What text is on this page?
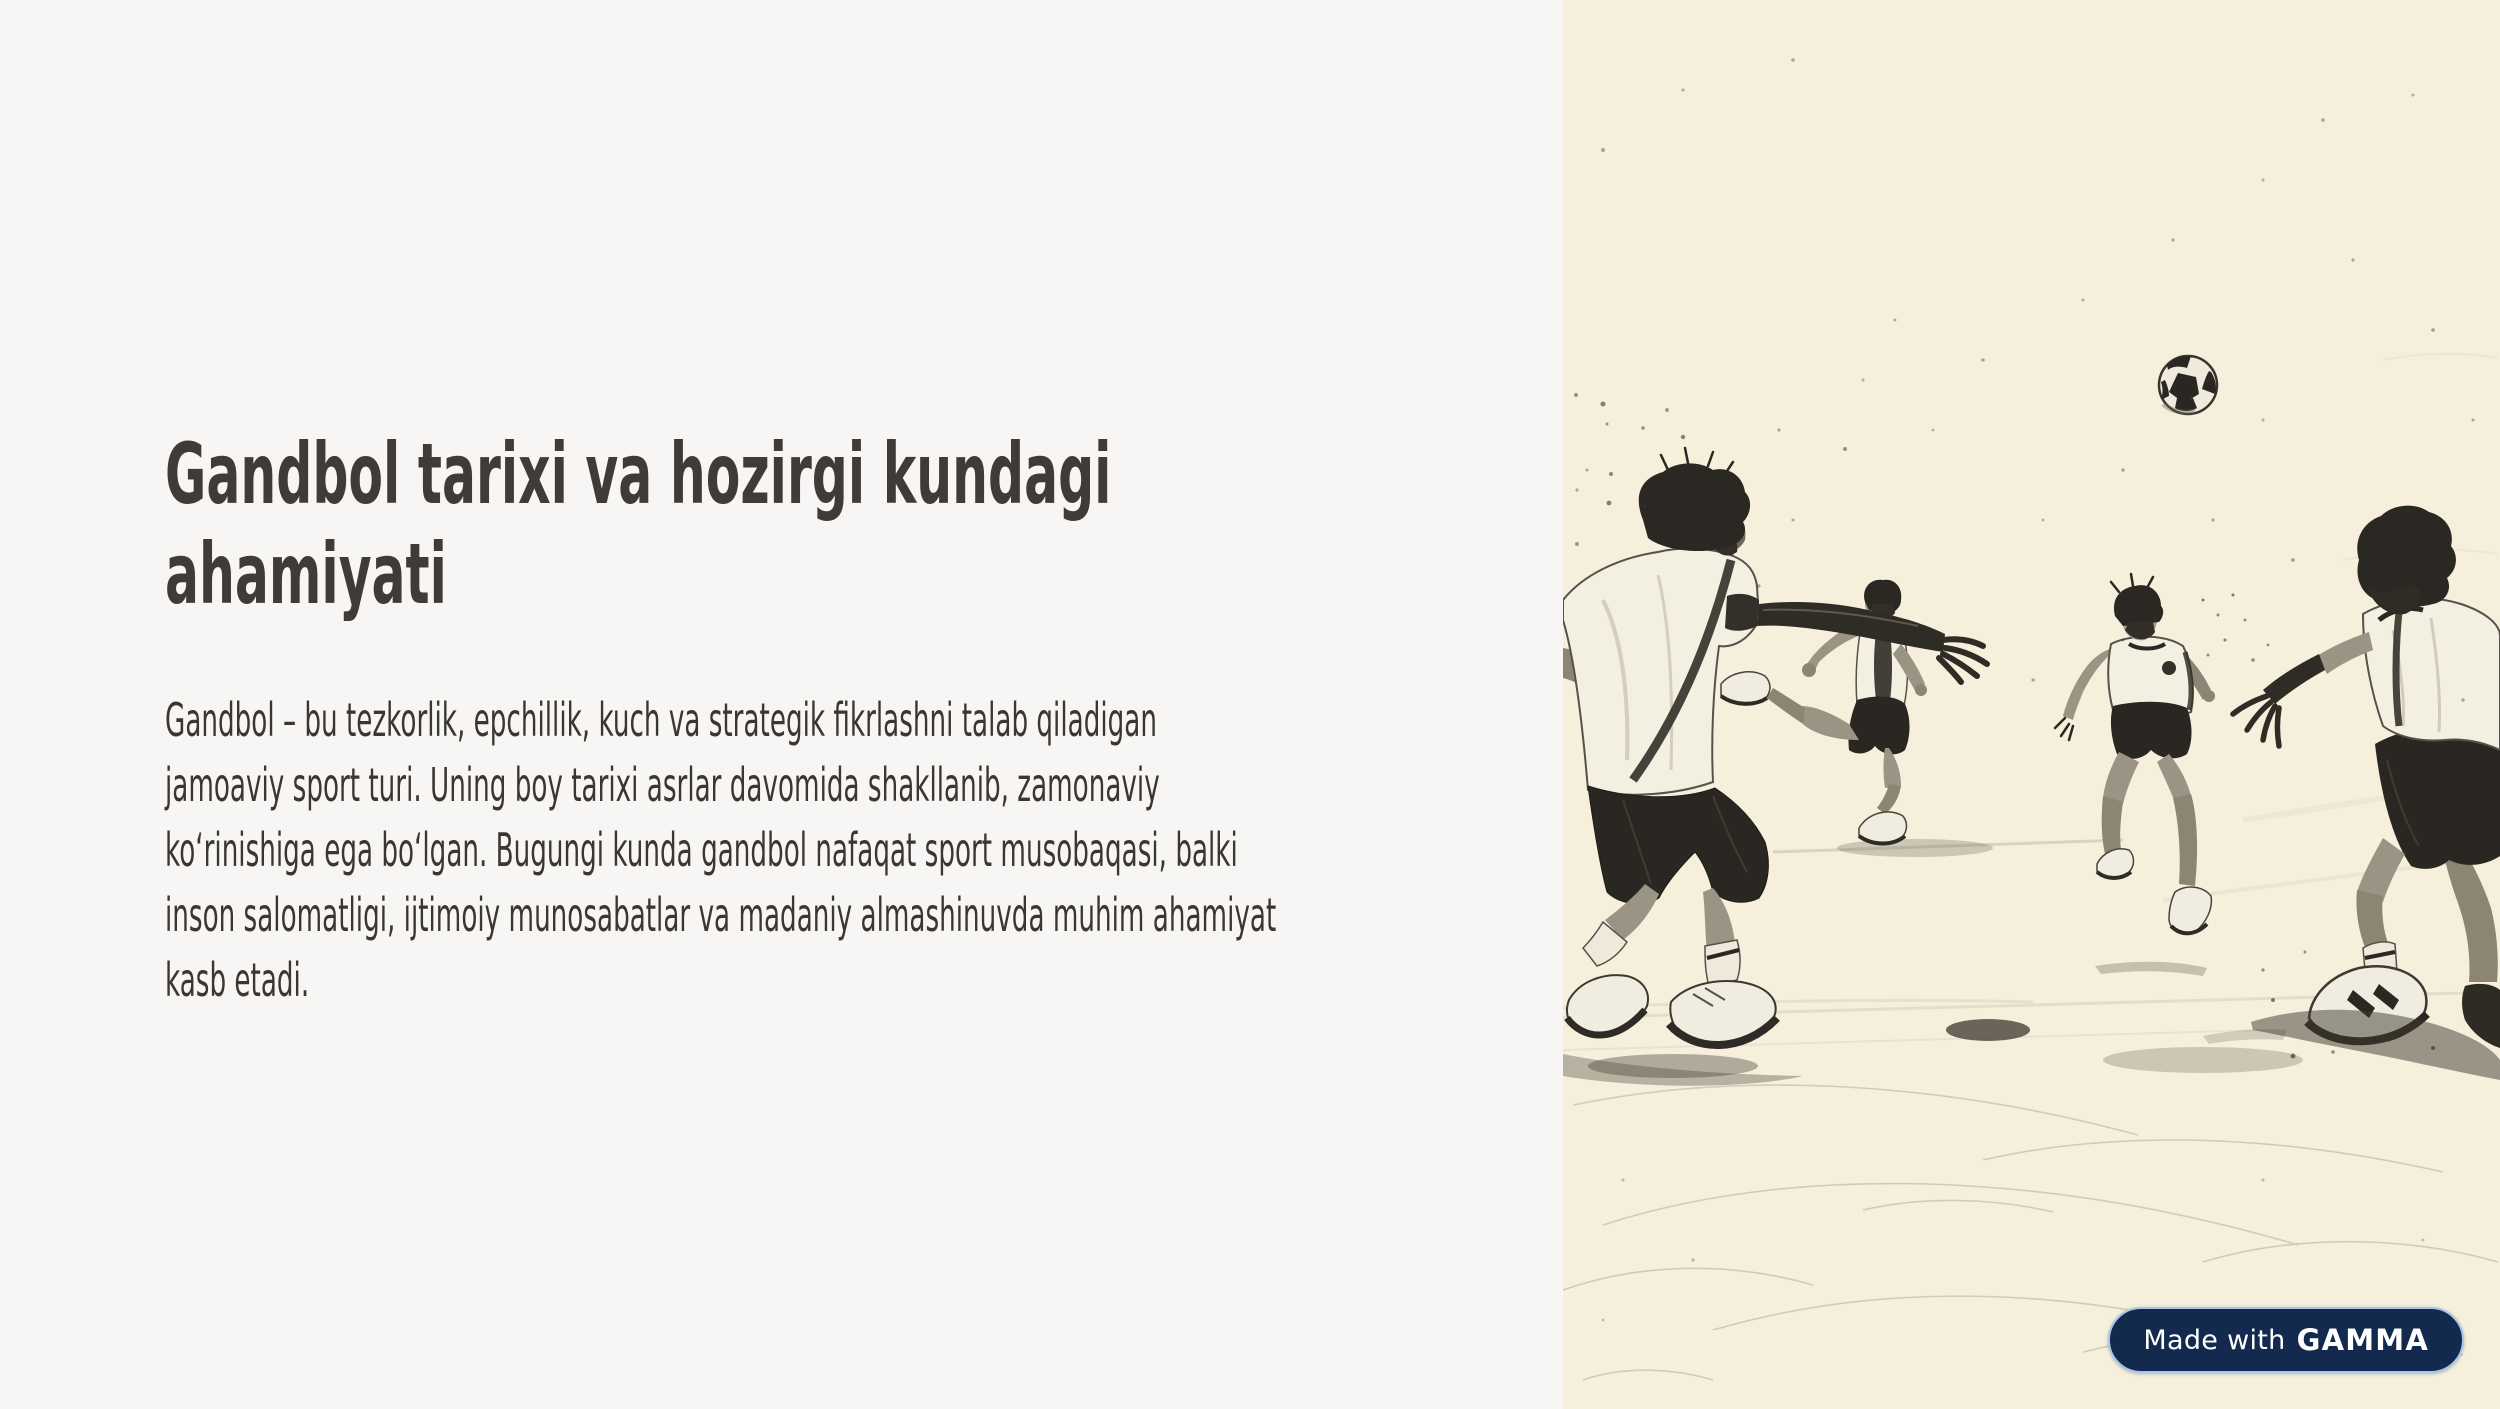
Gandbol tarixi va hozirgi kundagi
ahamiyati
Gandbol – bu tezkorlik, epchillik, kuch va strategik fikrlashni talab qiladigan
jamoaviy sport turi. Uning boy tarixi asrlar davomida shakllanib, zamonaviy
koʻrinishiga ega boʻlgan. Bugungi kunda gandbol nafaqat sport musobaqasi, balki
inson salomatligi, ijtimoiy munosabatlar va madaniy almashinuvda muhim ahamiyat
kasb etadi.
Made with GAMMA
